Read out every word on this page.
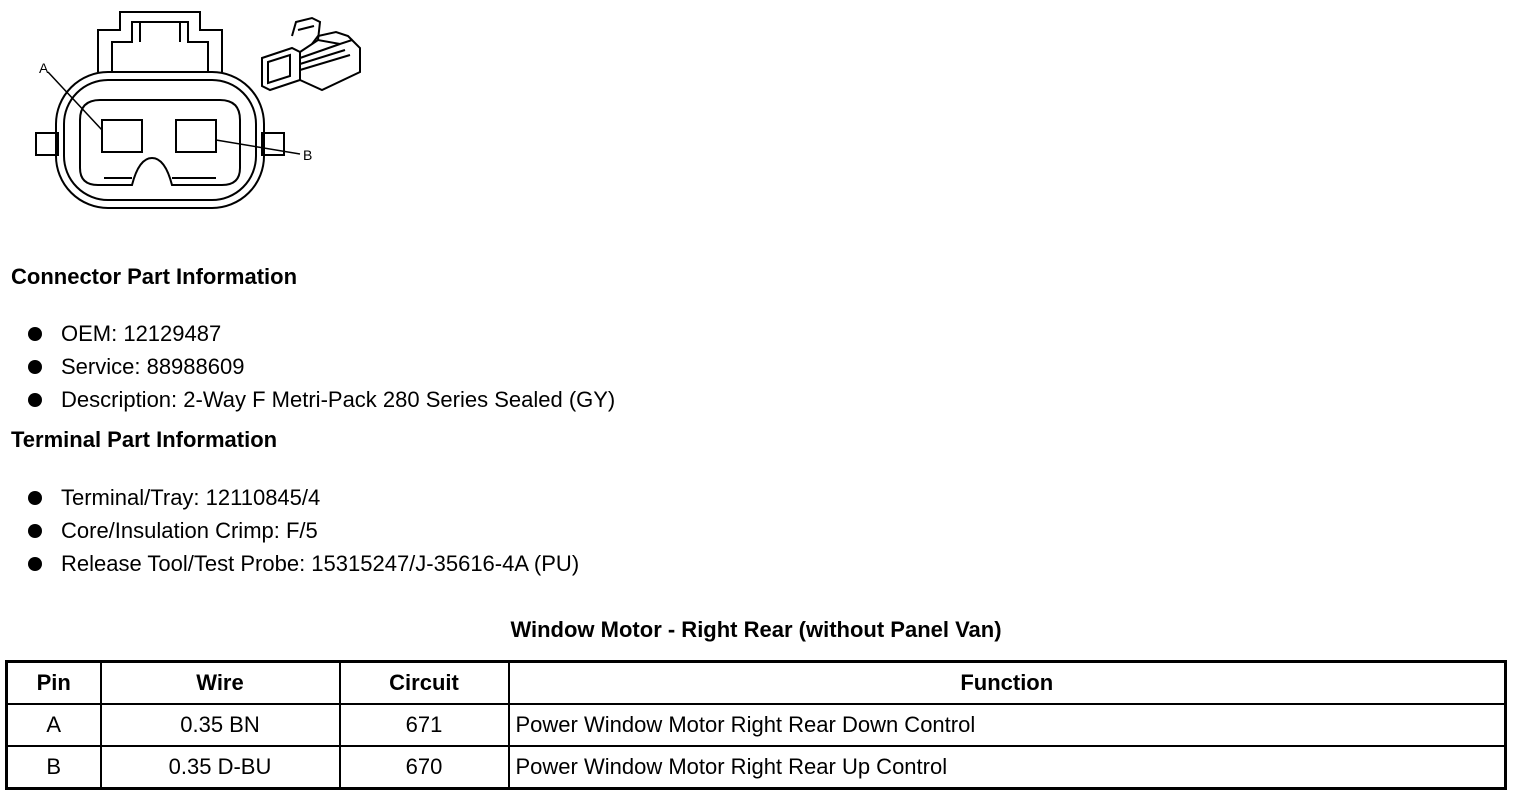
A
B
Connector Part Information
OEM: 12129487
Service: 88988609
Description: 2-Way F Metri-Pack 280 Series Sealed (GY)
Terminal Part Information
Terminal/Tray: 12110845/4
Core/Insulation Crimp: F/5
Release Tool/Test Probe: 15315247/J-35616-4A (PU)
Window Motor - Right Rear (without Panel Van)
Pin	Wire	Circuit	Function
A	0.35 BN	671	Power Window Motor Right Rear Down Control
B	0.35 D-BU	670	Power Window Motor Right Rear Up Control
